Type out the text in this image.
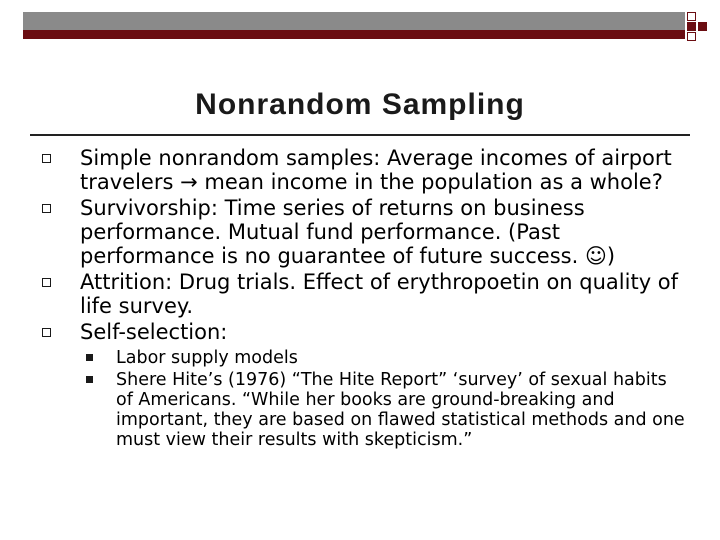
Nonrandom Sampling
Simple nonrandom samples: Average incomes of airport travelers → mean income in the population as a whole?
Survivorship: Time series of returns on business performance. Mutual fund performance. (Past performance is no guarantee of future success. ☺)
Attrition: Drug trials. Effect of erythropoetin on quality of life survey.
Self-selection:
Labor supply models
Shere Hite’s (1976) “The Hite Report” ‘survey’ of sexual habits of Americans. “While her books are ground-breaking and important, they are based on flawed statistical methods and one must view their results with skepticism.”
